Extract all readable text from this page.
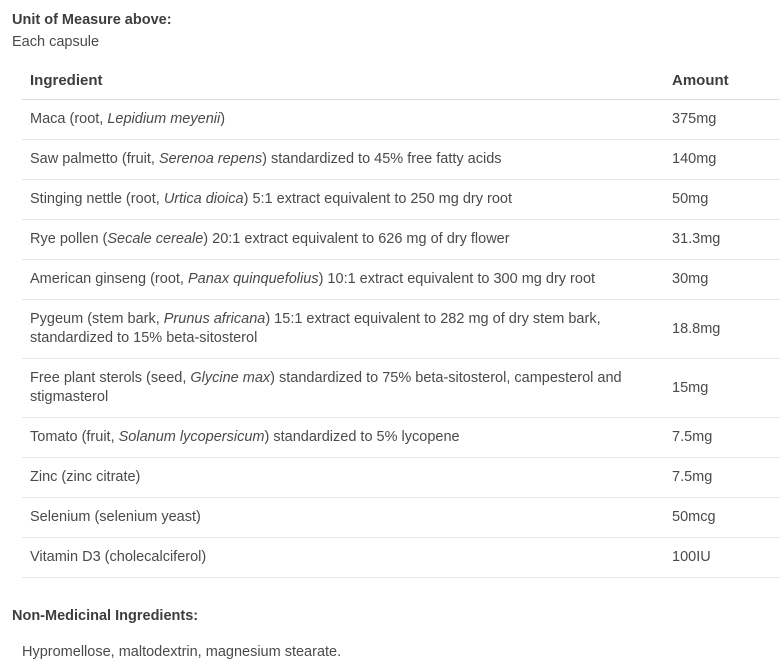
Unit of Measure above:

Each capsule

Ingredient	Amount
Maca (root, Lepidium meyenii)	375mg
Saw palmetto (fruit, Serenoa repens) standardized to 45% free fatty acids	140mg
Stinging nettle (root, Urtica dioica) 5:1 extract equivalent to 250 mg dry root	50mg
Rye pollen (Secale cereale) 20:1 extract equivalent to 626 mg of dry flower	31.3mg
American ginseng (root, Panax quinquefolius) 10:1 extract equivalent to 300 mg dry root	30mg
Pygeum (stem bark, Prunus africana) 15:1 extract equivalent to 282 mg of dry stem bark, standardized to 15% beta-sitosterol	18.8mg
Free plant sterols (seed, Glycine max) standardized to 75% beta-sitosterol, campesterol and stigmasterol	15mg
Tomato (fruit, Solanum lycopersicum) standardized to 5% lycopene	7.5mg
Zinc (zinc citrate)	7.5mg
Selenium (selenium yeast)	50mcg
Vitamin D3 (cholecalciferol)	100IU

Non-Medicinal Ingredients:

Hypromellose, maltodextrin, magnesium stearate.
